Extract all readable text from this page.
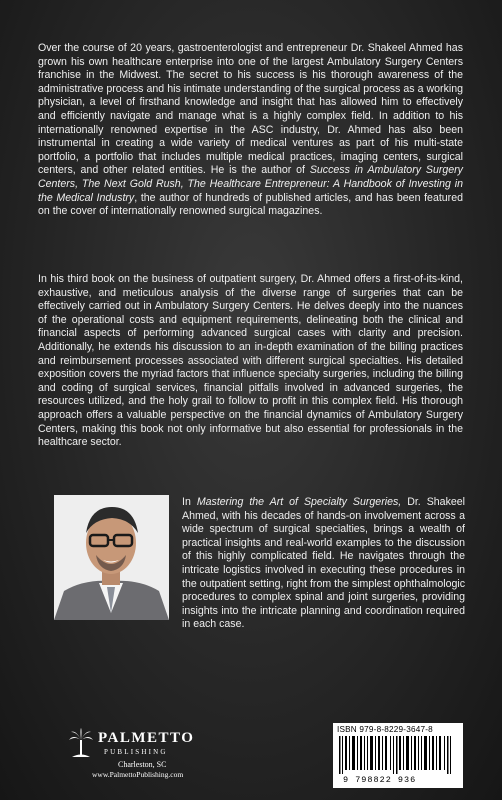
Over the course of 20 years, gastroenterologist and entrepreneur Dr. Shakeel Ahmed has grown his own healthcare enterprise into one of the largest Ambulatory Surgery Centers franchise in the Midwest. The secret to his success is his thorough awareness of the administrative process and his intimate understanding of the surgical process as a working physician, a level of firsthand knowledge and insight that has allowed him to effectively and efficiently navigate and manage what is a highly complex field. In addition to his internationally renowned expertise in the ASC industry, Dr. Ahmed has also been instrumental in creating a wide variety of medical ventures as part of his multi-state portfolio, a portfolio that includes multiple medical practices, imaging centers, surgical centers, and other related entities. He is the author of Success in Ambulatory Surgery Centers, The Next Gold Rush, The Healthcare Entrepreneur: A Handbook of Investing in the Medical Industry, the author of hundreds of published articles, and has been featured on the cover of internationally renowned surgical magazines.

In his third book on the business of outpatient surgery, Dr. Ahmed offers a first-of-its-kind, exhaustive, and meticulous analysis of the diverse range of surgeries that can be effectively carried out in Ambulatory Surgery Centers. He delves deeply into the nuances of the operational costs and equipment requirements, delineating both the clinical and financial aspects of performing advanced surgical cases with clarity and precision. Additionally, he extends his discussion to an in-depth examination of the billing practices and reimbursement processes associated with different surgical specialties. His detailed exposition covers the myriad factors that influence specialty surgeries, including the billing and coding of surgical services, financial pitfalls involved in advanced surgeries, the resources utilized, and the holy grail to follow to profit in this complex field. His thorough approach offers a valuable perspective on the financial dynamics of Ambulatory Surgery Centers, making this book not only informative but also essential for professionals in the healthcare sector.

In Mastering the Art of Specialty Surgeries, Dr. Shakeel Ahmed, with his decades of hands-on involvement across a wide spectrum of surgical specialties, brings a wealth of practical insights and real-world examples to the discussion of this highly complicated field. He navigates through the intricate logistics involved in executing these procedures in the outpatient setting, right from the simplest ophthalmologic procedures to complex spinal and joint surgeries, providing insights into the intricate planning and coordination required in each case.

PALMETTO
PUBLISHING
Charleston, SC
www.PalmettoPublishing.com
ISBN 979-8-8229-3647-8
9 798822 936
